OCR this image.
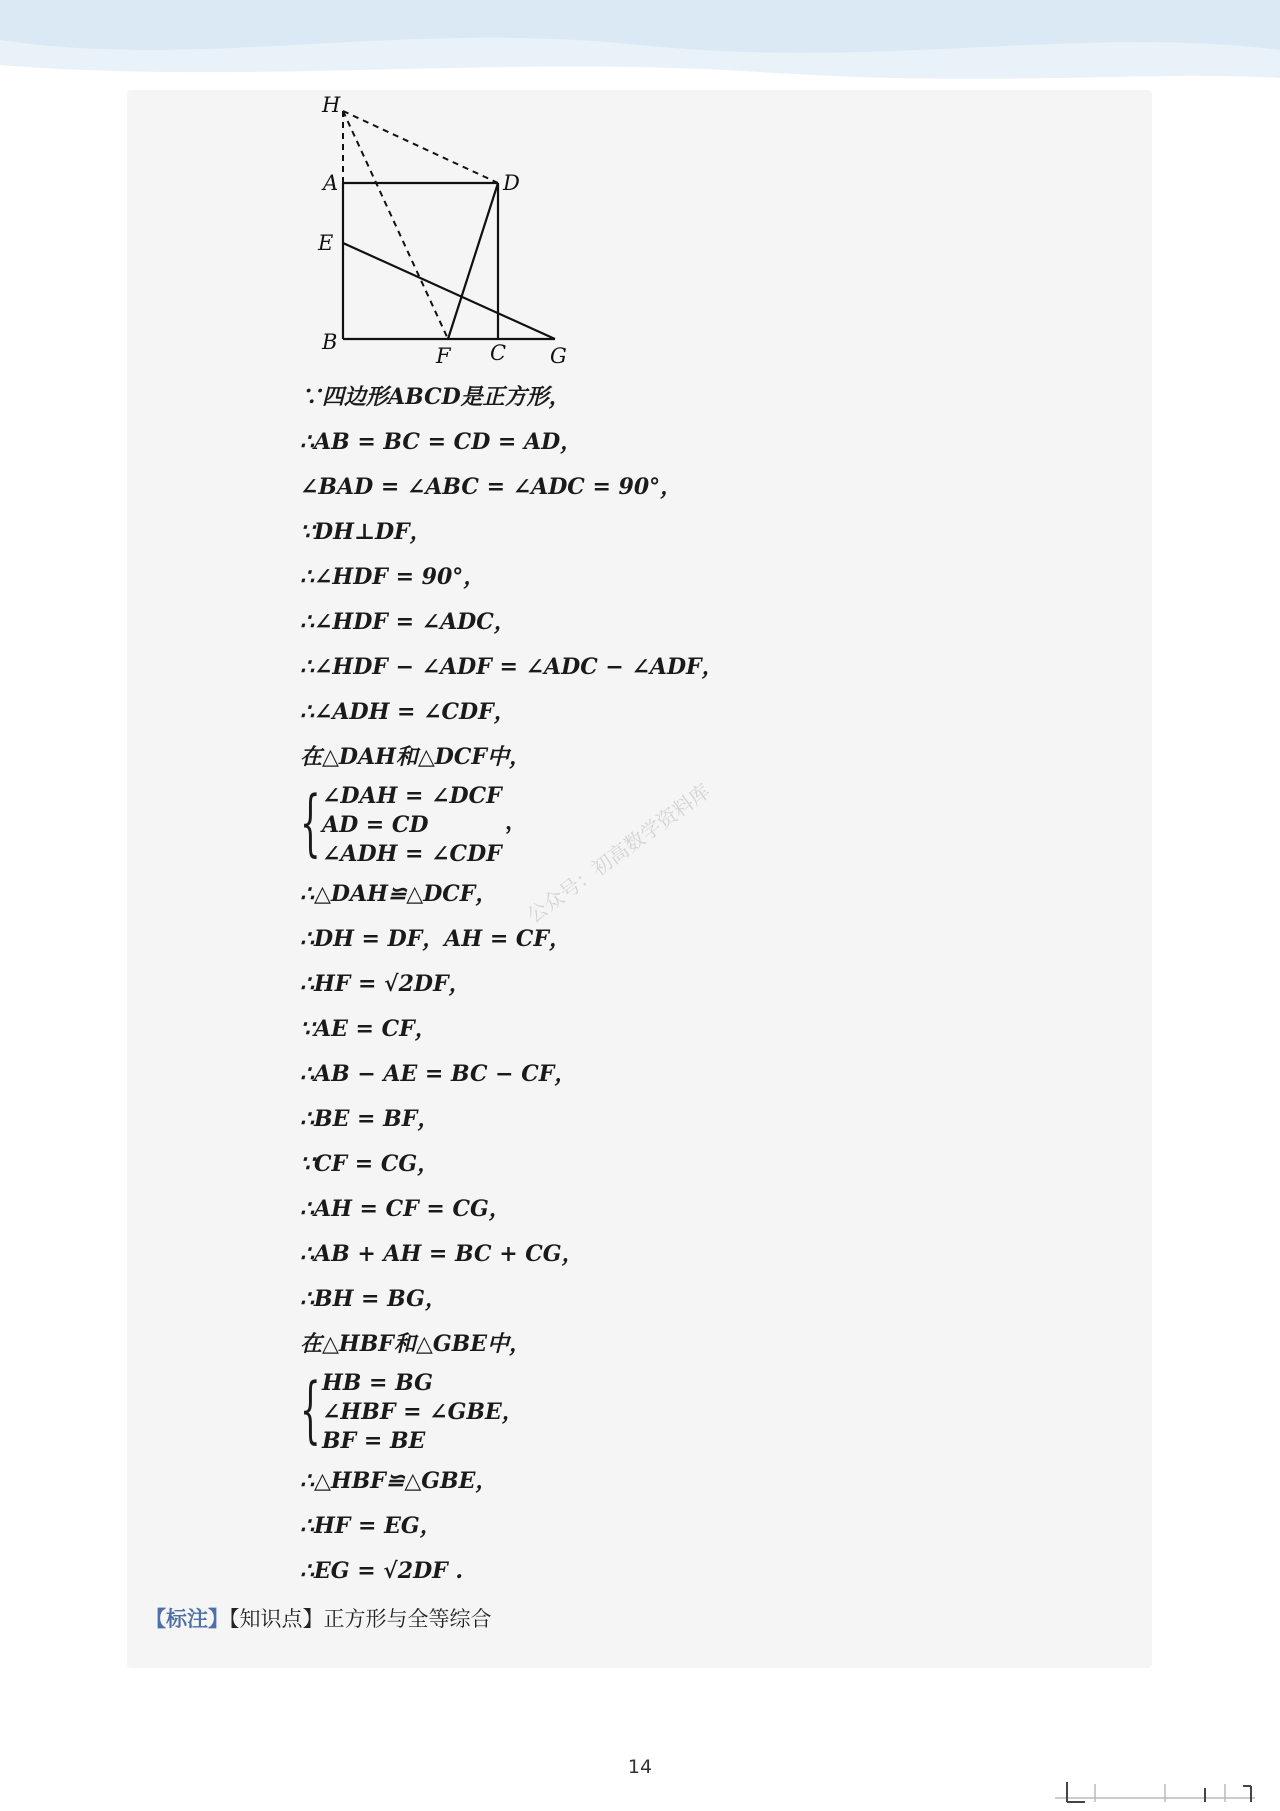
H
A	D
E
B
F C G
∵四边形ABCD是正方形，
∴AB = BC = CD = AD，
∠BAD = ∠ABC = ∠ADC = 90°，
∵DH⊥DF，
∴∠HDF = 90°，
∴∠HDF = ∠ADC，
∴∠HDF − ∠ADF = ∠ADC − ∠ADF，
∴∠ADH = ∠CDF，
在△DAH和△DCF中，
{ ∠DAH = ∠DCF
AD = CD
∠ADH = ∠CDF
，
∴△DAH≌△DCF，
∴DH = DF，AH = CF，
∴HF = √2DF，
∵AE = CF，
∴AB − AE = BC − CF，
∴BE = BF，
∵CF = CG，
∴AH = CF = CG，
∴AB + AH = BC + CG，
∴BH = BG，
在△HBF和△GBE中，
{ HB = BG
∠HBF = ∠GBE，
BF = BE
∴△HBF≌△GBE，
∴HF = EG，
∴EG = √2DF .
【标注】【知识点】正方形与全等综合
公众号：初高数学资料库
14
